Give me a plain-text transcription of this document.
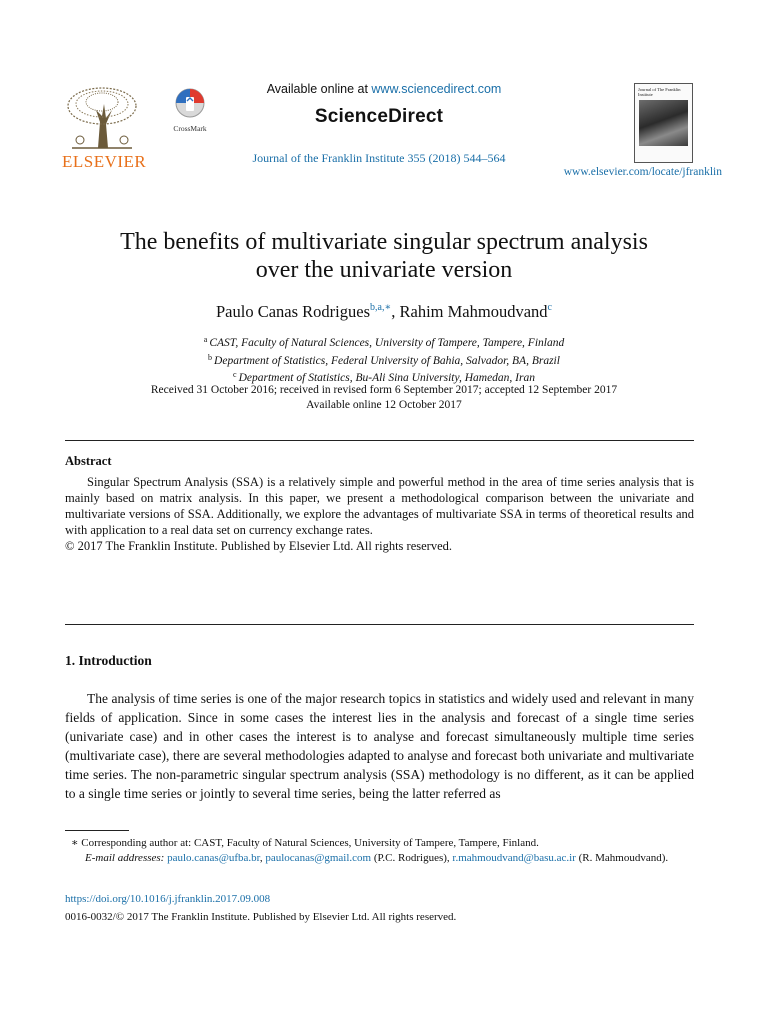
ELSEVIER
CrossMark
Available online at www.sciencedirect.com
ScienceDirect
Journal of the Franklin Institute 355 (2018) 544–564
www.elsevier.com/locate/jfranklin
Journal of The Franklin Institute
The benefits of multivariate singular spectrum analysis
over the univariate version
Paulo Canas Rodrigues$^{b,a,∗}$, Rahim Mahmoudvand$^c$
$^a$ CAST, Faculty of Natural Sciences, University of Tampere, Tampere, Finland
$^b$ Department of Statistics, Federal University of Bahia, Salvador, BA, Brazil
$^c$ Department of Statistics, Bu-Ali Sina University, Hamedan, Iran
Received 31 October 2016; received in revised form 6 September 2017; accepted 12 September 2017
Available online 12 October 2017
Abstract
Singular Spectrum Analysis (SSA) is a relatively simple and powerful method in the area of time series analysis that is mainly based on matrix analysis. In this paper, we present a methodological comparison between the univariate and multivariate versions of SSA. Additionally, we explore the advantages of multivariate SSA in terms of theoretical results and with application to a real data set on currency exchange rates.
© 2017 The Franklin Institute. Published by Elsevier Ltd. All rights reserved.
1. Introduction
The analysis of time series is one of the major research topics in statistics and widely used and relevant in many fields of application. Since in some cases the interest lies in the analysis and forecast of a single time series (univariate case) and in other cases the interest is to analyse and forecast simultaneously multiple time series (multivariate case), there are several methodologies adapted to analyse and forecast both univariate and multivariate time series. The non-parametric singular spectrum analysis (SSA) methodology is no different, as it can be applied to a single time series or jointly to several time series, being the latter referred as
∗ Corresponding author at: CAST, Faculty of Natural Sciences, University of Tampere, Tampere, Finland.
E-mail addresses: paulo.canas@ufba.br, paulocanas@gmail.com (P.C. Rodrigues), r.mahmoudvand@basu.ac.ir (R. Mahmoudvand).
https://doi.org/10.1016/j.jfranklin.2017.09.008
0016-0032/© 2017 The Franklin Institute. Published by Elsevier Ltd. All rights reserved.
